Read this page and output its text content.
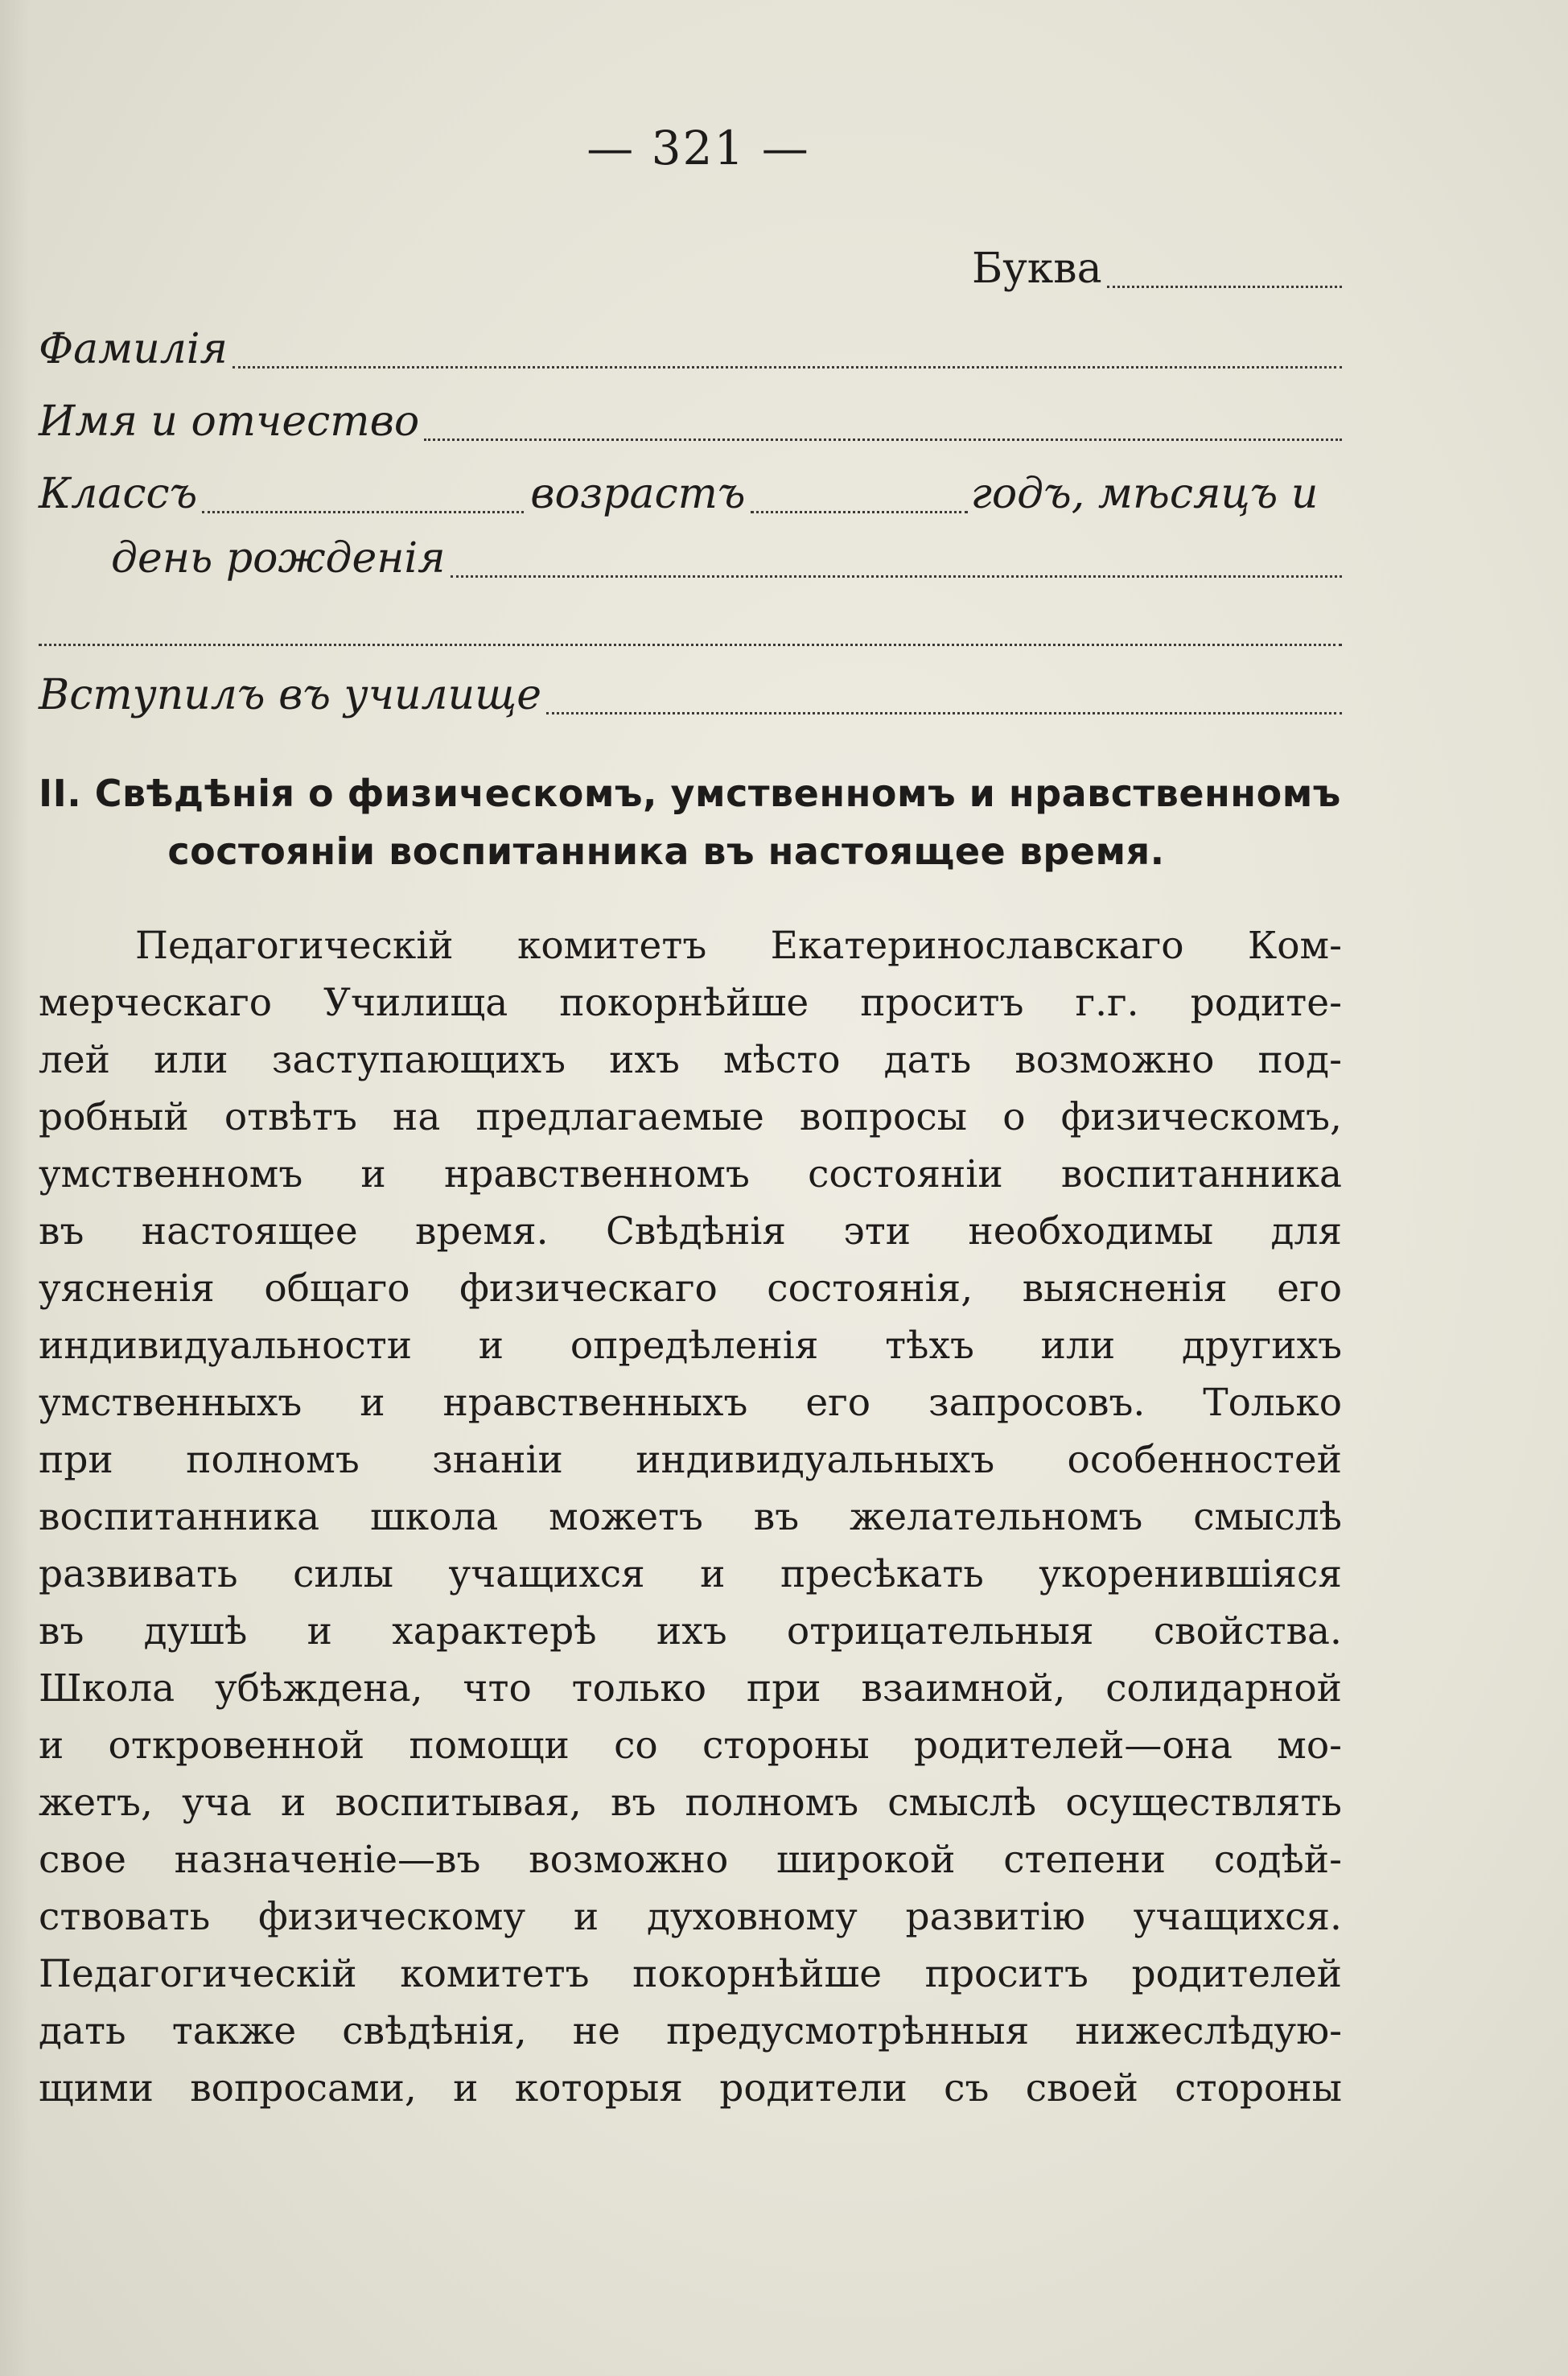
— 321 —
Буква
Фамилія
Имя и отчество
Классъ	возрастъ	годъ, мѣсяцъ и
день рожденія
Вступилъ въ училище
II. Свѣдѣнія о физическомъ, умственномъ и нравственномъ
состояніи воспитанника въ настоящее время.
Педагогическій комитетъ Екатеринославскаго Ком-
мерческаго Училища покорнѣйше проситъ г.г. родите-
лей или заступающихъ ихъ мѣсто дать возможно под-
робный отвѣтъ на предлагаемые вопросы о физическомъ,
умственномъ и нравственномъ состояніи воспитанника
въ настоящее время. Свѣдѣнія эти необходимы для
уясненія общаго физическаго состоянія, выясненія его
индивидуальности и опредѣленія тѣхъ или другихъ
умственныхъ и нравственныхъ его запросовъ. Только
при полномъ знаніи индивидуальныхъ особенностей
воспитанника школа можетъ въ желательномъ смыслѣ
развивать силы учащихся и пресѣкать укоренившіяся
въ душѣ и характерѣ ихъ отрицательныя свойства.
Школа убѣждена, что только при взаимной, солидарной
и откровенной помощи со стороны родителей—она мо-
жетъ, уча и воспитывая, въ полномъ смыслѣ осуществлять
свое назначеніе—въ возможно широкой степени содѣй-
ствовать физическому и духовному развитію учащихся.
Педагогическій комитетъ покорнѣйше проситъ родителей
дать также свѣдѣнія, не предусмотрѣнныя нижеслѣдую-
щими вопросами, и которыя родители съ своей стороны
